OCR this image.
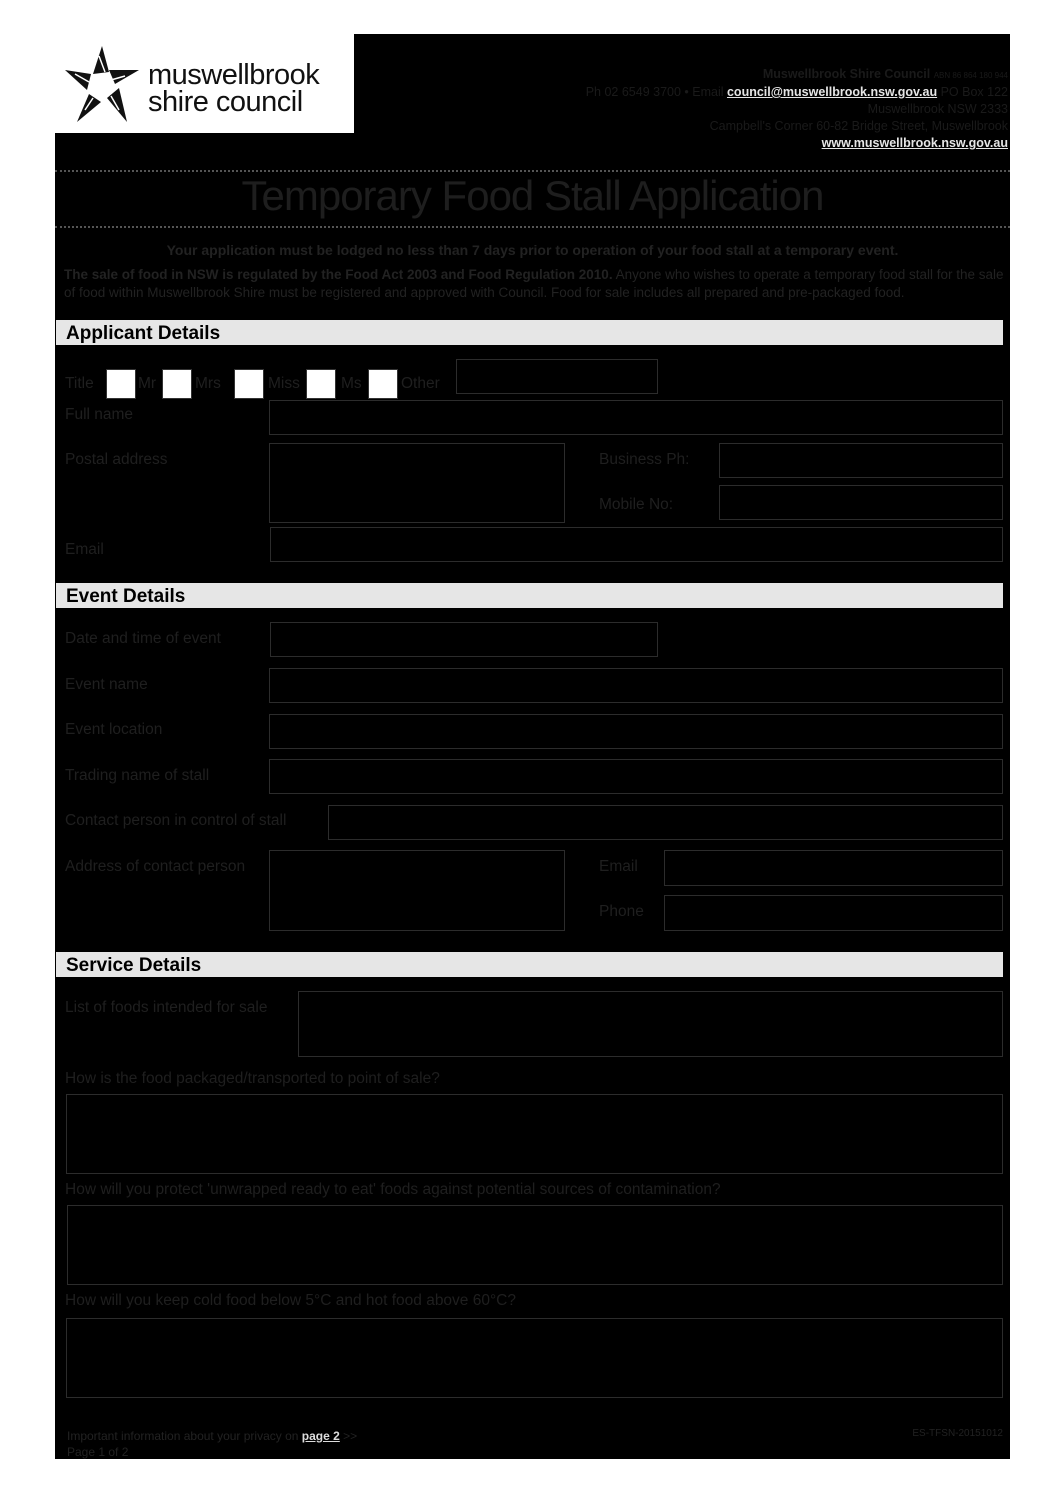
muswellbrook
shire council
Muswellbrook Shire Council ABN 86 864 180 944
Ph 02 6549 3700 • Email council@muswellbrook.nsw.gov.au PO Box 122
Muswellbrook NSW 2333
Campbell's Corner 60-82 Bridge Street, Muswellbrook
www.muswellbrook.nsw.gov.au
Temporary Food Stall Application
Your application must be lodged no less than 7 days prior to operation of your food stall at a temporary event.
The sale of food in NSW is regulated by the Food Act 2003 and Food Regulation 2010. Anyone who wishes to operate a temporary food stall for the sale of food within Muswellbrook Shire must be registered and approved with Council. Food for sale includes all prepared and pre-packaged food.
Applicant Details
Title	Mr	Mrs	Miss	Ms	Other
Full name
Postal address	Business Ph:
Mobile No:
Email
Event Details
Date and time of event
Event name
Event location
Trading name of stall
Contact person in control of stall
Address of contact person	Email
Phone
Service Details
List of foods intended for sale
How is the food packaged/transported to point of sale?
How will you protect 'unwrapped ready to eat' foods against potential sources of contamination?
How will you keep cold food below 5°C and hot food above 60°C?
Important information about your privacy on page 2 >>
Page 1 of 2
ES-TFSN-20151012
